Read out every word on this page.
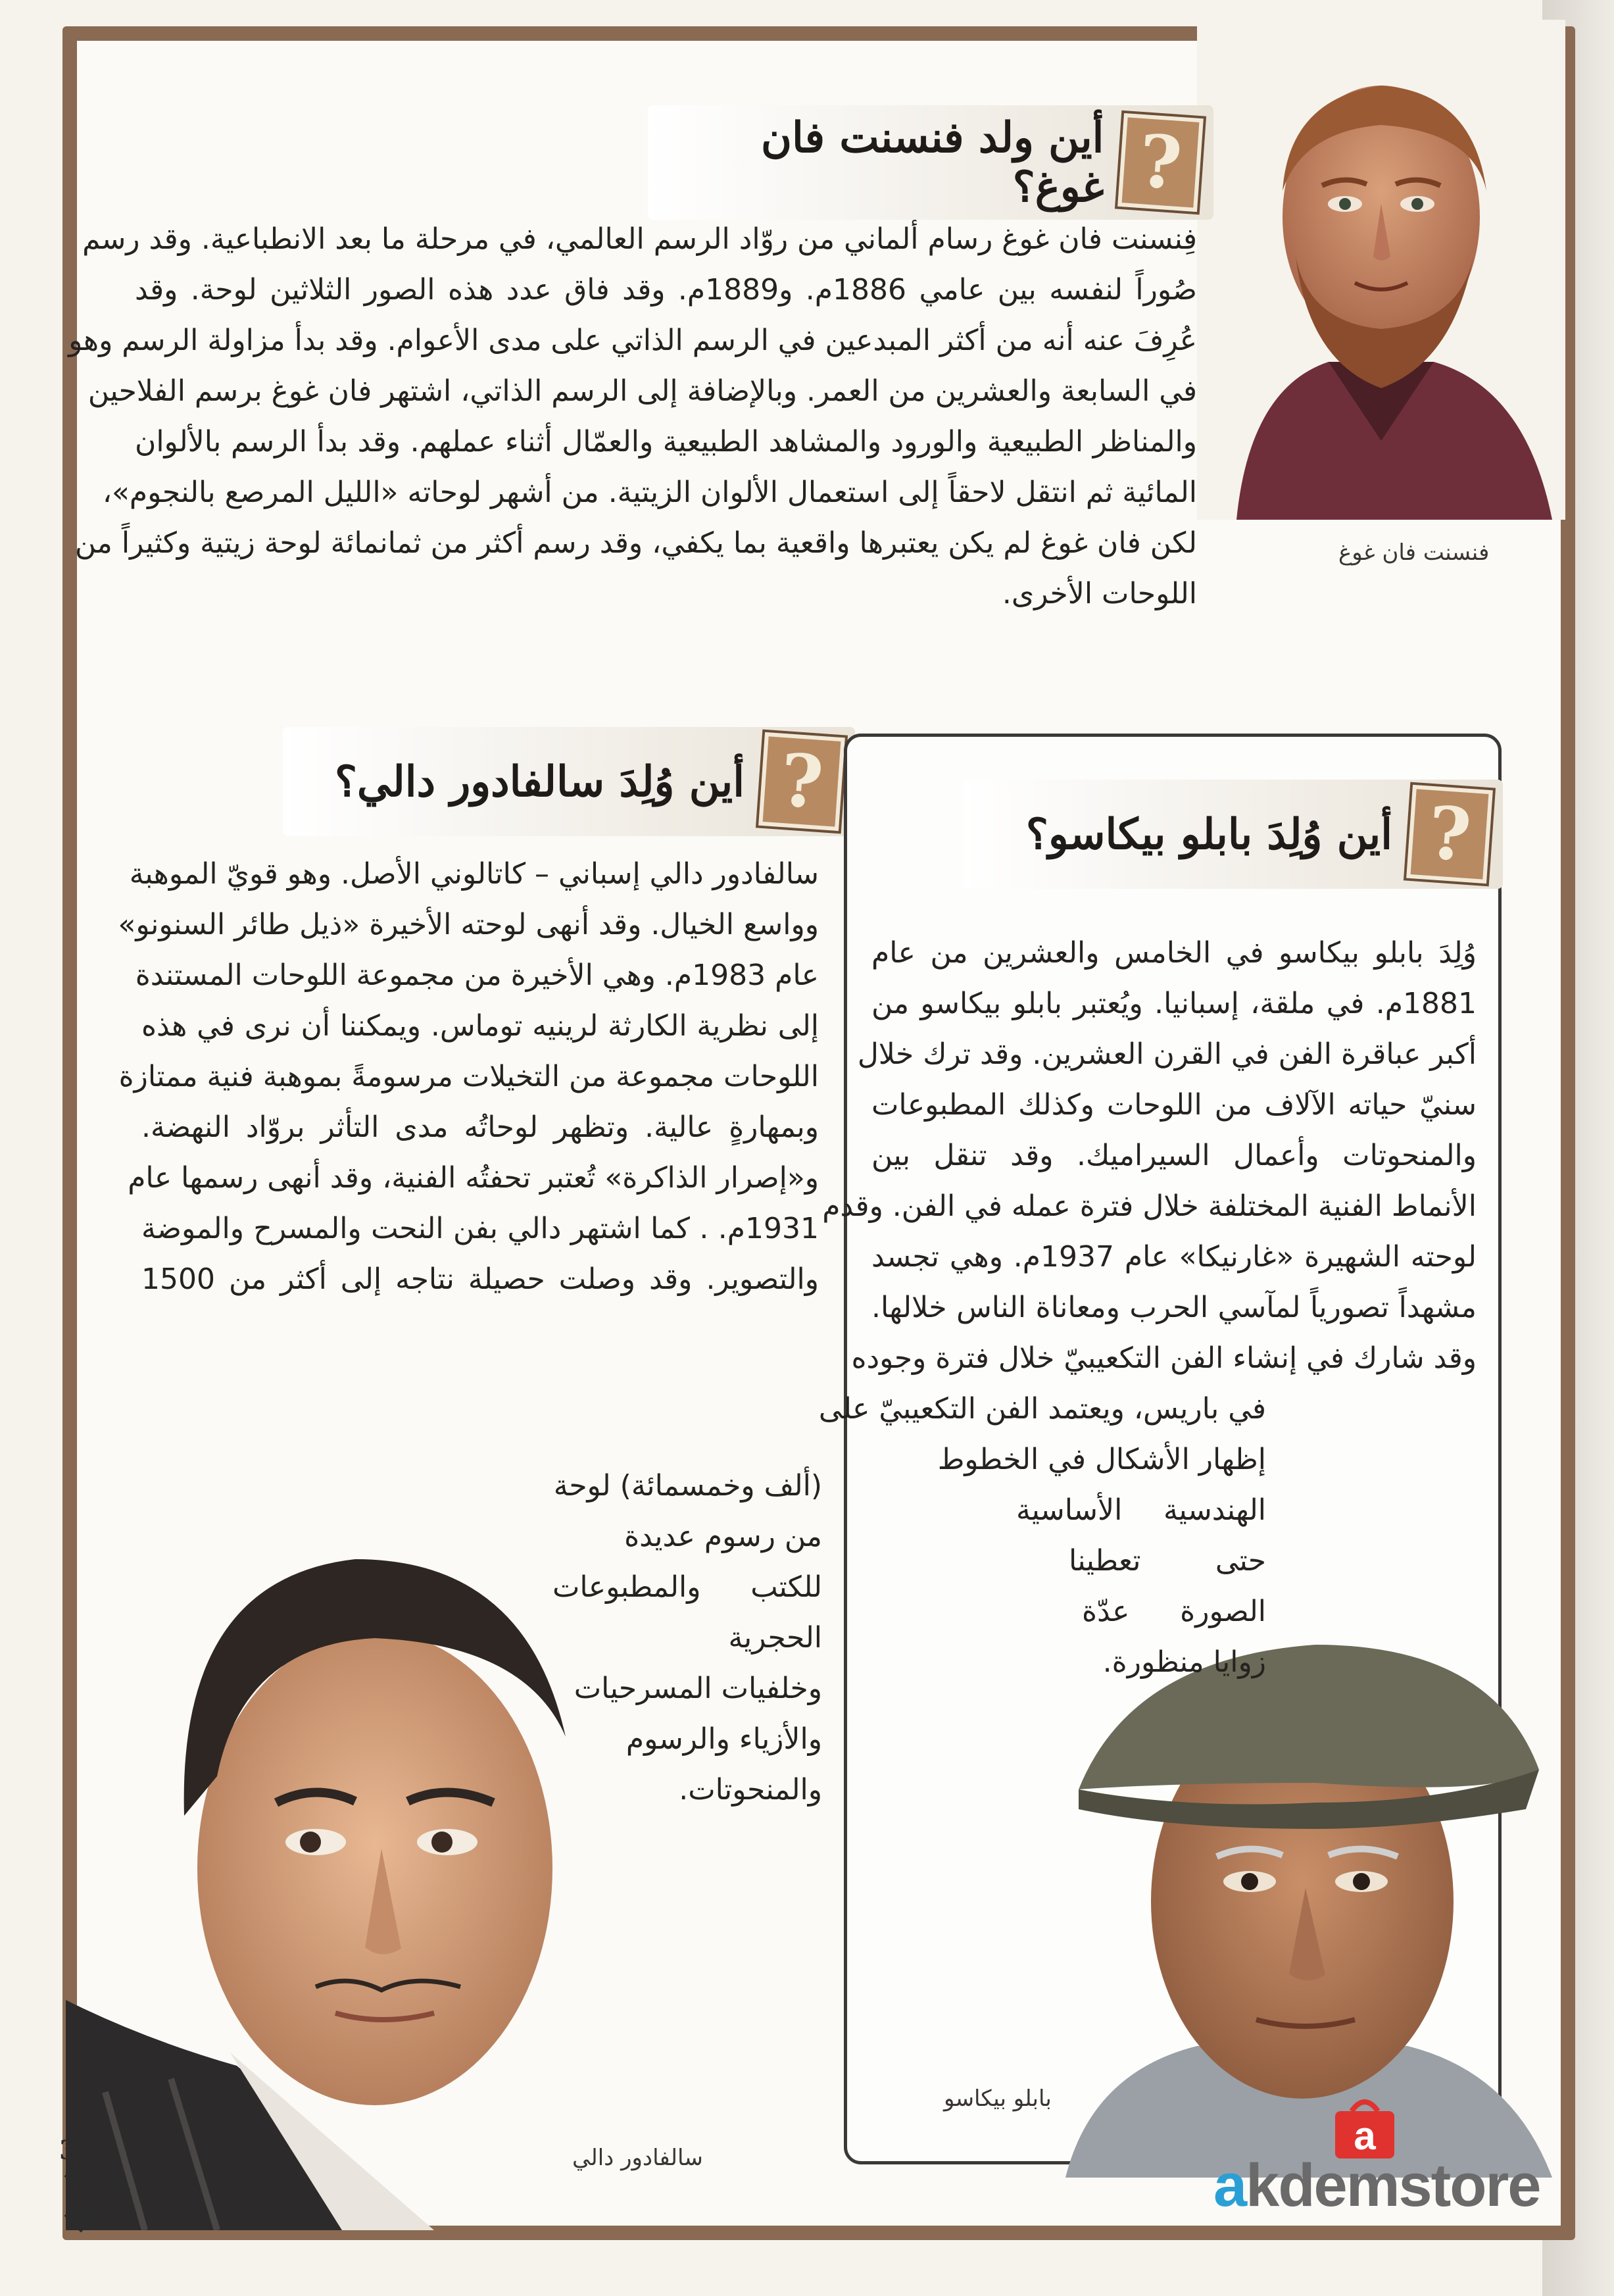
فنسنت فان غوغ
?
أين ولد فنسنت فان غوغ؟
فِنسنت فان غوغ رسام ألماني من روّاد الرسم العالمي، في مرحلة ما بعد الانطباعية. وقد رسم
صُوراً لنفسه بين عامي 1886م. و1889م. وقد فاق عدد هذه الصور الثلاثين لوحة. وقد
عُرِفَ عنه أنه من أكثر المبدعين في الرسم الذاتي على مدى الأعوام. وقد بدأ مزاولة الرسم وهو
في السابعة والعشرين من العمر. وبالإضافة إلى الرسم الذاتي، اشتهر فان غوغ برسم الفلاحين
والمناظر الطبيعية والورود والمشاهد الطبيعية والعمّال أثناء عملهم. وقد بدأ الرسم بالألوان
المائية ثم انتقل لاحقاً إلى استعمال الألوان الزيتية. من أشهر لوحاته «الليل المرصع بالنجوم»،
لكن فان غوغ لم يكن يعتبرها واقعية بما يكفي، وقد رسم أكثر من ثمانمائة لوحة زيتية وكثيراً من
اللوحات الأخرى.
?
أين وُلِدَ سالفادور دالي؟
سالفادور دالي
سالفادور دالي إسباني – كاتالوني الأصل. وهو قويّ الموهبة
وواسع الخيال. وقد أنهى لوحته الأخيرة «ذيل طائر السنونو»
عام 1983م. وهي الأخيرة من مجموعة اللوحات المستندة
إلى نظرية الكارثة لرينيه توماس. ويمكننا أن نرى في هذه
اللوحات مجموعة من التخيلات مرسومةً بموهبة فنية ممتازة
وبمهارةٍ عالية. وتظهر لوحاتُه مدى التأثر بروّاد النهضة.
و«إصرار الذاكرة» تُعتبر تحفتُه الفنية، وقد أنهى رسمها عام
1931م. . كما اشتهر دالي بفن النحت والمسرح والموضة
والتصوير. وقد وصلت حصيلة نتاجه إلى أكثر من 1500
(ألف وخمسمائة) لوحة
من رسوم عديدة
للكتب والمطبوعات
الحجرية
وخلفيات المسرحيات
والأزياء والرسوم
والمنحوتات.
?
أين وُلِدَ بابلو بيكاسو؟
بابلو بيكاسو
وُلِدَ بابلو بيكاسو في الخامس والعشرين من عام
1881م. في ملقة، إسبانيا. ويُعتبر بابلو بيكاسو من
أكبر عباقرة الفن في القرن العشرين. وقد ترك خلال
سنيّ حياته الآلاف من اللوحات وكذلك المطبوعات
والمنحوتات وأعمال السيراميك. وقد تنقل بين
الأنماط الفنية المختلفة خلال فترة عمله في الفن. وقدم
لوحته الشهيرة «غارنيكا» عام 1937م. وهي تجسد
مشهداً تصورياً لمآسي الحرب ومعاناة الناس خلالها.
وقد شارك في إنشاء الفن التكعيبيّ خلال فترة وجوده
في باريس، ويعتمد الفن التكعيبيّ على
إظهار الأشكال في الخطوط
الهندسية الأساسية
حتى تعطينا
الصورة عدّة
زوايا منظورة.
3	a
akdemstore
